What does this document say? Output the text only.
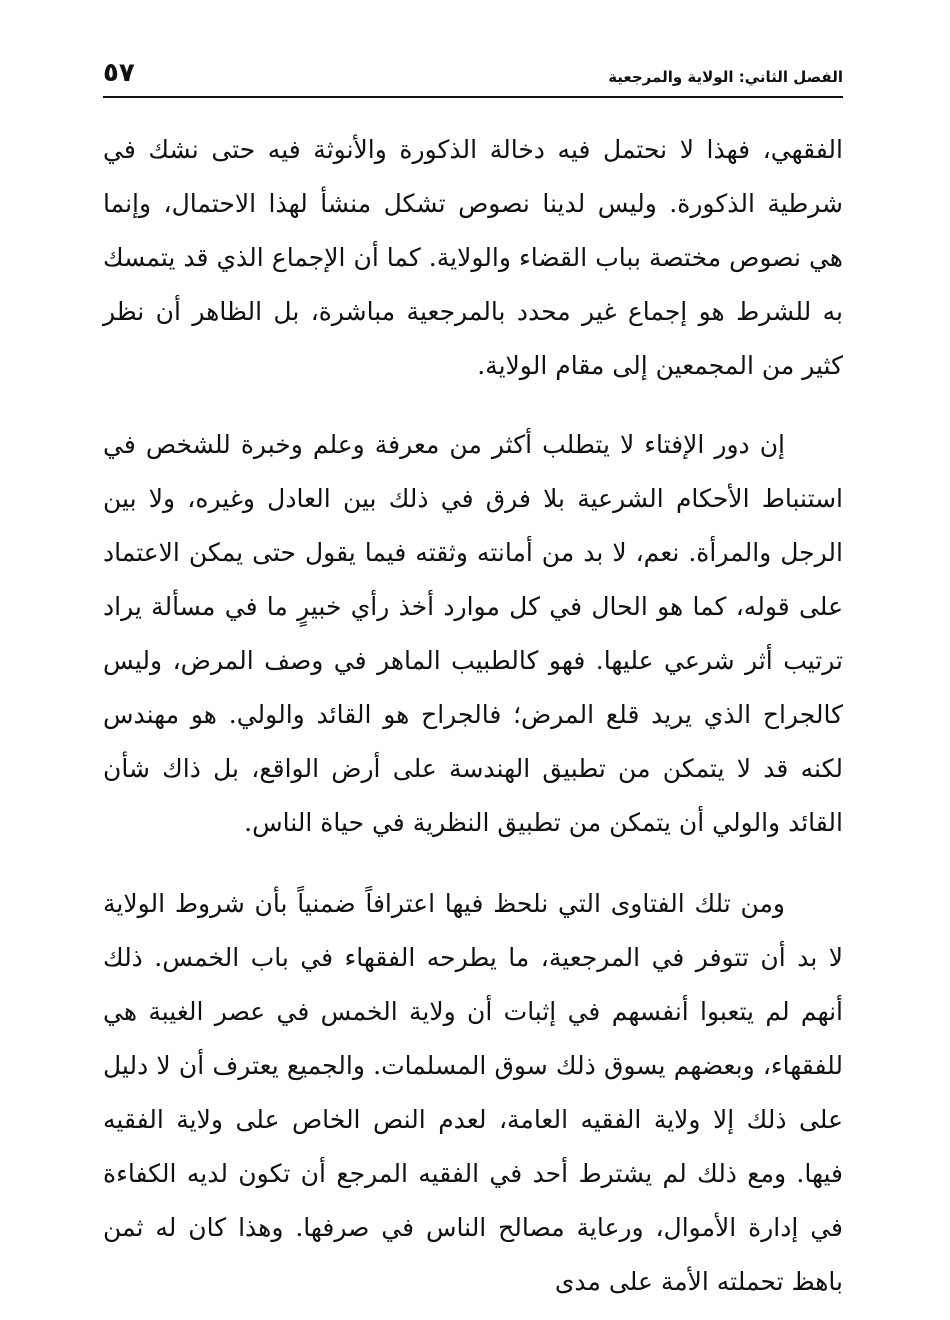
الفصل الثاني: الولاية والمرجعية
٥٧

الفقهي، فهذا لا نحتمل فيه دخالة الذكورة والأنوثة فيه حتى نشك في شرطية الذكورة. وليس لدينا نصوص تشكل منشأ لهذا الاحتمال، وإنما هي نصوص مختصة بباب القضاء والولاية. كما أن الإجماع الذي قد يتمسك به للشرط هو إجماع غير محدد بالمرجعية مباشرة، بل الظاهر أن نظر كثير من المجمعين إلى مقام الولاية.

إن دور الإفتاء لا يتطلب أكثر من معرفة وعلم وخبرة للشخص في استنباط الأحكام الشرعية بلا فرق في ذلك بين العادل وغيره، ولا بين الرجل والمرأة. نعم، لا بد من أمانته وثقته فيما يقول حتى يمكن الاعتماد على قوله، كما هو الحال في كل موارد أخذ رأي خبيرٍ ما في مسألة يراد ترتيب أثر شرعي عليها. فهو كالطبيب الماهر في وصف المرض، وليس كالجراح الذي يريد قلع المرض؛ فالجراح هو القائد والولي. هو مهندس لكنه قد لا يتمكن من تطبيق الهندسة على أرض الواقع، بل ذاك شأن القائد والولي أن يتمكن من تطبيق النظرية في حياة الناس.

ومن تلك الفتاوى التي نلحظ فيها اعترافاً ضمنياً بأن شروط الولاية لا بد أن تتوفر في المرجعية، ما يطرحه الفقهاء في باب الخمس. ذلك أنهم لم يتعبوا أنفسهم في إثبات أن ولاية الخمس في عصر الغيبة هي للفقهاء، وبعضهم يسوق ذلك سوق المسلمات. والجميع يعترف أن لا دليل على ذلك إلا ولاية الفقيه العامة، لعدم النص الخاص على ولاية الفقيه فيها. ومع ذلك لم يشترط أحد في الفقيه المرجع أن تكون لديه الكفاءة في إدارة الأموال، ورعاية مصالح الناس في صرفها. وهذا كان له ثمن باهظ تحملته الأمة على مدى
